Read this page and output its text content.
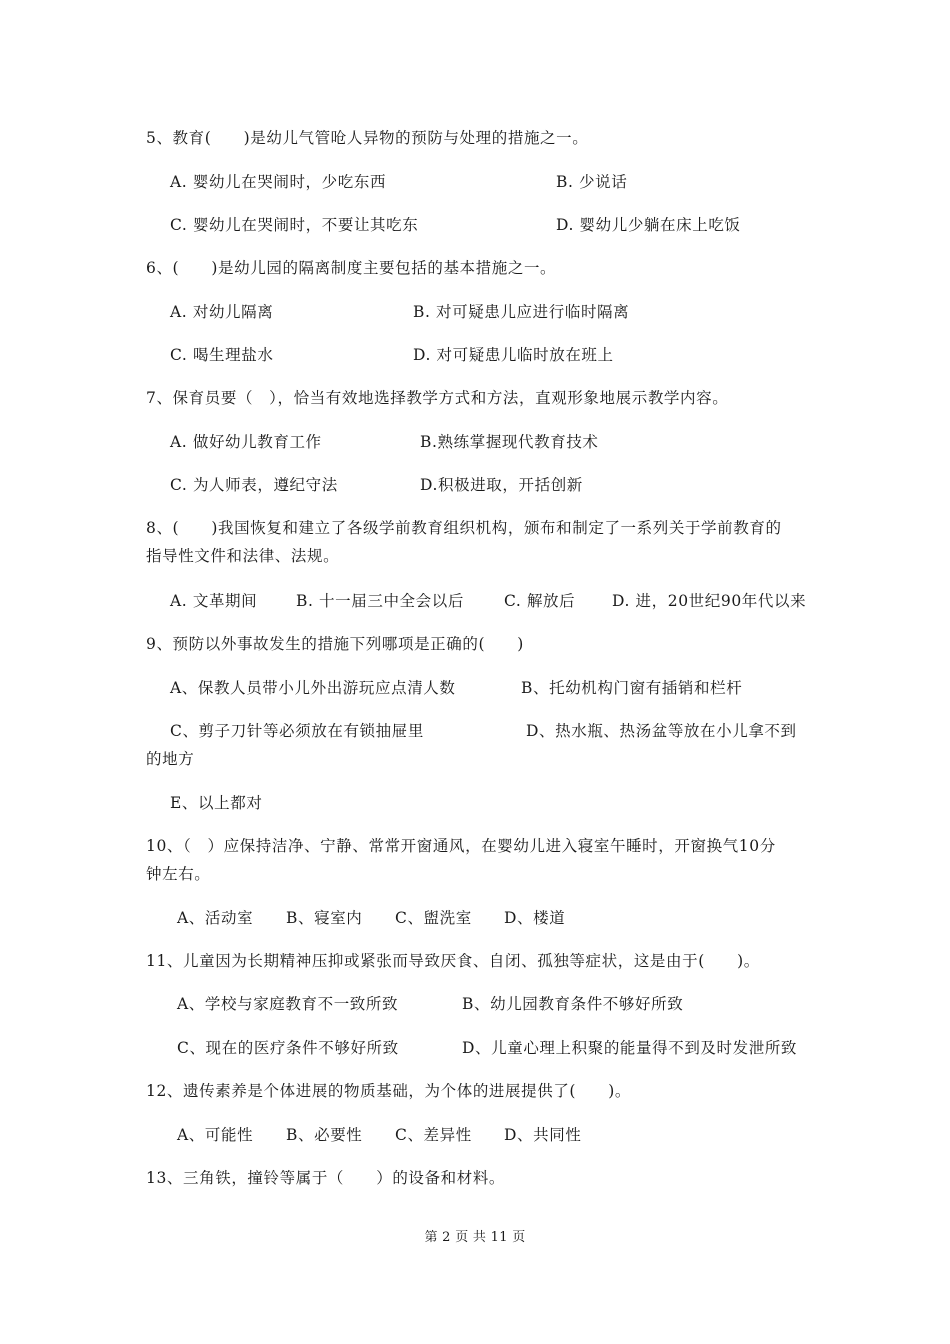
5、教育(　　)是幼儿气管呛人异物的预防与处理的措施之一。
A. 婴幼儿在哭闹时，少吃东西	B. 少说话
C. 婴幼儿在哭闹时，不要让其吃东	D. 婴幼儿少躺在床上吃饭
6、(　　)是幼儿园的隔离制度主要包括的基本措施之一。
A. 对幼儿隔离	B. 对可疑患儿应进行临时隔离
C. 喝生理盐水	D. 对可疑患儿临时放在班上
7、保育员要（　），恰当有效地选择教学方式和方法，直观形象地展示教学内容。
A. 做好幼儿教育工作	B.熟练掌握现代教育技术
C. 为人师表，遵纪守法	D.积极进取，开括创新
8、(　　)我国恢复和建立了各级学前教育组织机构，颁布和制定了一系列关于学前教育的
指导性文件和法律、法规。
A. 文革期间	B. 十一届三中全会以后	C. 解放后 D. 进，20世纪90年代以来
9、预防以外事故发生的措施下列哪项是正确的(　　)
A、保教人员带小儿外出游玩应点清人数	B、托幼机构门窗有插销和栏杆
C、剪子刀针等必须放在有锁抽屉里	D、热水瓶、热汤盆等放在小儿拿不到
的地方
E、以上都对
10、（　）应保持洁净、宁静、常常开窗通风，在婴幼儿进入寝室午睡时，开窗换气10分
钟左右。
A、活动室 B、寝室内 C、盥洗室 D、楼道
11、儿童因为长期精神压抑或紧张而导致厌食、自闭、孤独等症状，这是由于(　　)。
A、学校与家庭教育不一致所致	B、幼儿园教育条件不够好所致
C、现在的医疗条件不够好所致	D、儿童心理上积聚的能量得不到及时发泄所致
12、遗传素养是个体进展的物质基础，为个体的进展提供了(　　)。
A、可能性 B、必要性 C、差异性 D、共同性
13、三角铁，撞铃等属于（　　）的设备和材料。
第 2 页 共 11 页
